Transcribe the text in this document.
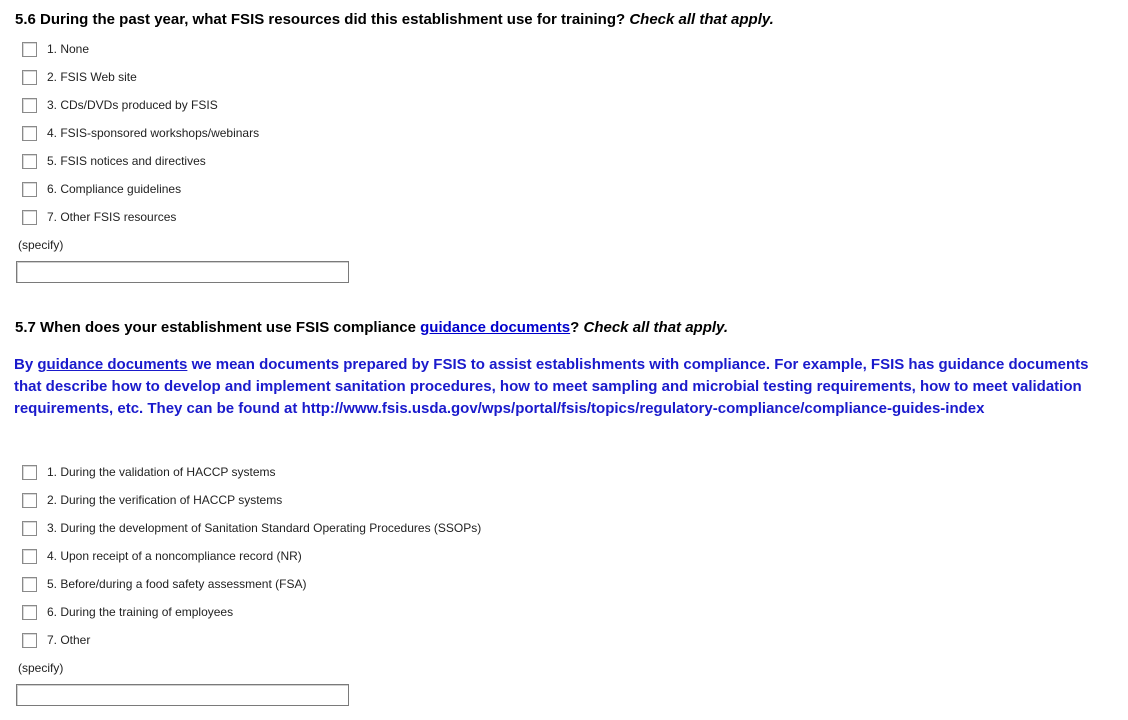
5.6 During the past year, what FSIS resources did this establishment use for training? Check all that apply.
1. None
2. FSIS Web site
3. CDs/DVDs produced by FSIS
4. FSIS-sponsored workshops/webinars
5. FSIS notices and directives
6. Compliance guidelines
7. Other FSIS resources
(specify)
5.7 When does your establishment use FSIS compliance guidance documents? Check all that apply.
By guidance documents we mean documents prepared by FSIS to assist establishments with compliance. For example, FSIS has guidance documents that describe how to develop and implement sanitation procedures, how to meet sampling and microbial testing requirements, how to meet validation requirements, etc. They can be found at http://www.fsis.usda.gov/wps/portal/fsis/topics/regulatory-compliance/compliance-guides-index
1. During the validation of HACCP systems
2. During the verification of HACCP systems
3. During the development of Sanitation Standard Operating Procedures (SSOPs)
4. Upon receipt of a noncompliance record (NR)
5. Before/during a food safety assessment (FSA)
6. During the training of employees
7. Other
(specify)
